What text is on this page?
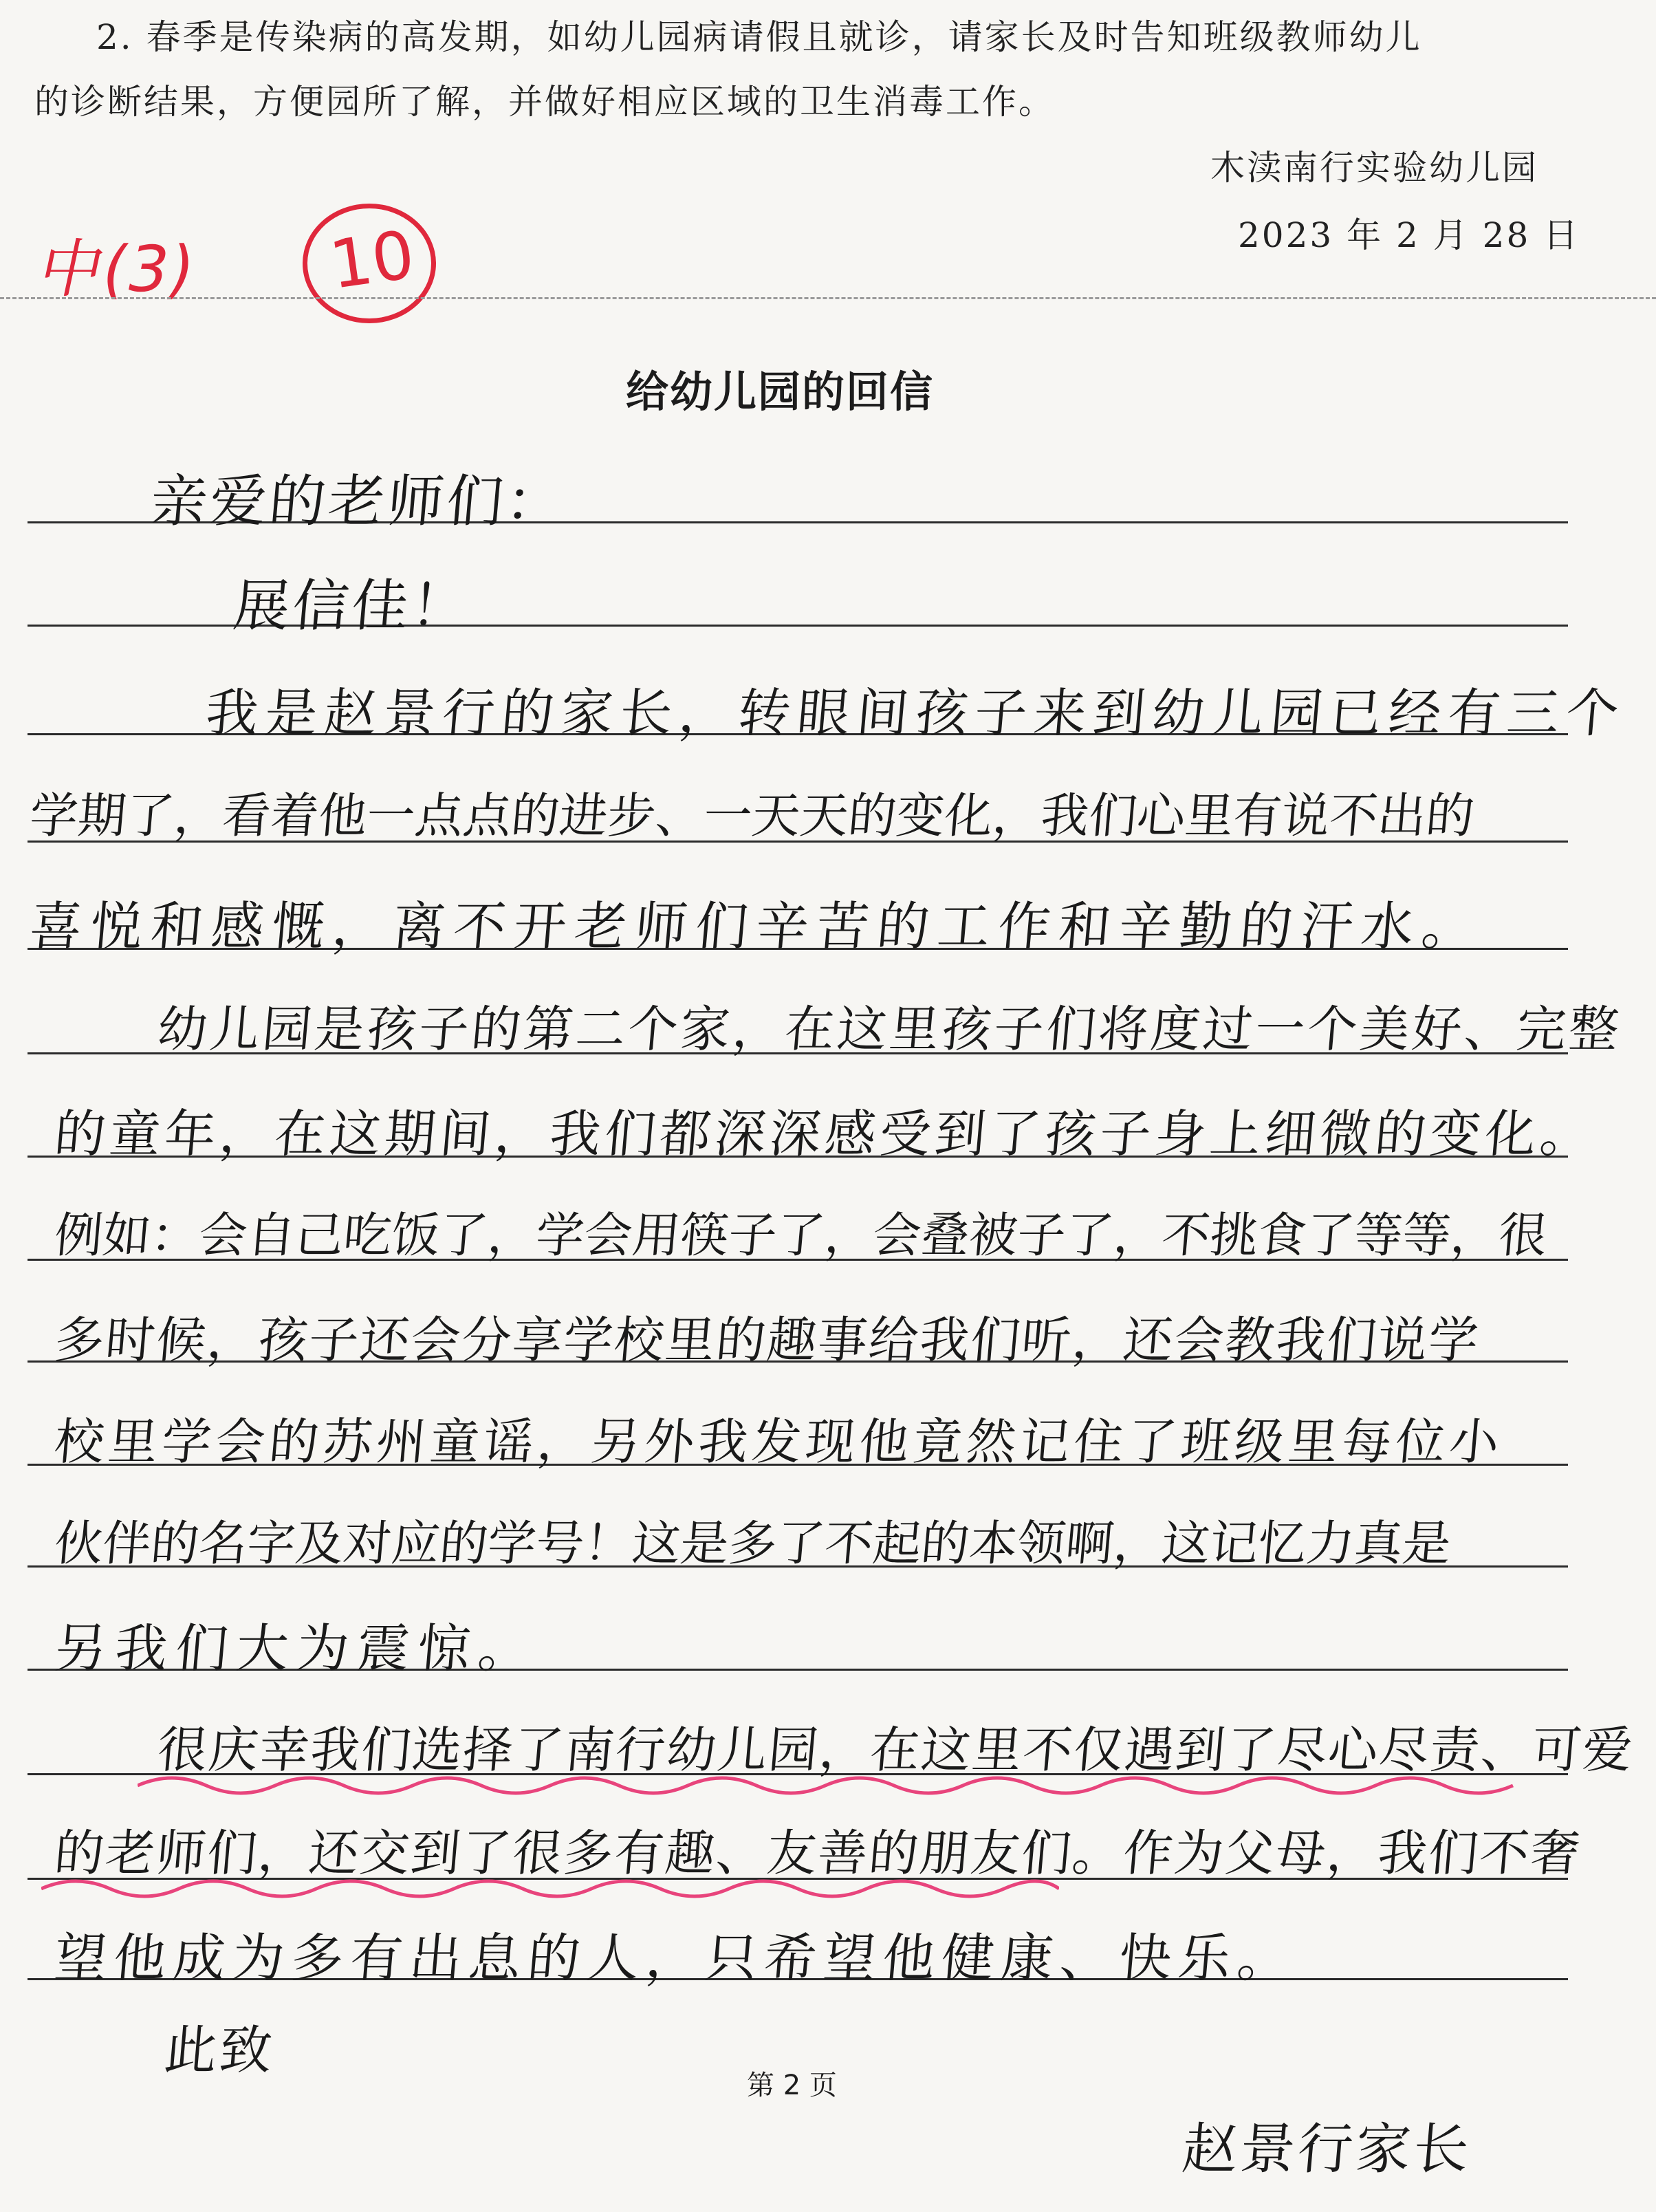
2. 春季是传染病的高发期，如幼儿园病请假且就诊，请家长及时告知班级教师幼儿
的诊断结果，方便园所了解，并做好相应区域的卫生消毒工作。
木渎南行实验幼儿园
2023 年 2 月 28 日
中(3) 10
给幼儿园的回信
亲爱的老师们：
展信佳！
我是赵景行的家长，转眼间孩子来到幼儿园已经有三个
学期了，看着他一点点的进步、一天天的变化，我们心里有说不出的
喜悦和感慨，离不开老师们辛苦的工作和辛勤的汗水。
幼儿园是孩子的第二个家，在这里孩子们将度过一个美好、完整
的童年，在这期间，我们都深深感受到了孩子身上细微的变化。
例如：会自己吃饭了，学会用筷子了，会叠被子了，不挑食了等等，很
多时候，孩子还会分享学校里的趣事给我们听，还会教我们说学
校里学会的苏州童谣，另外我发现他竟然记住了班级里每位小
伙伴的名字及对应的学号！这是多了不起的本领啊，这记忆力真是
另我们大为震惊。
很庆幸我们选择了南行幼儿园，在这里不仅遇到了尽心尽责、可爱
的老师们，还交到了很多有趣、友善的朋友们。作为父母，我们不奢
望他成为多有出息的人，只希望他健康、快乐。
此致
第 2 页
赵景行家长
